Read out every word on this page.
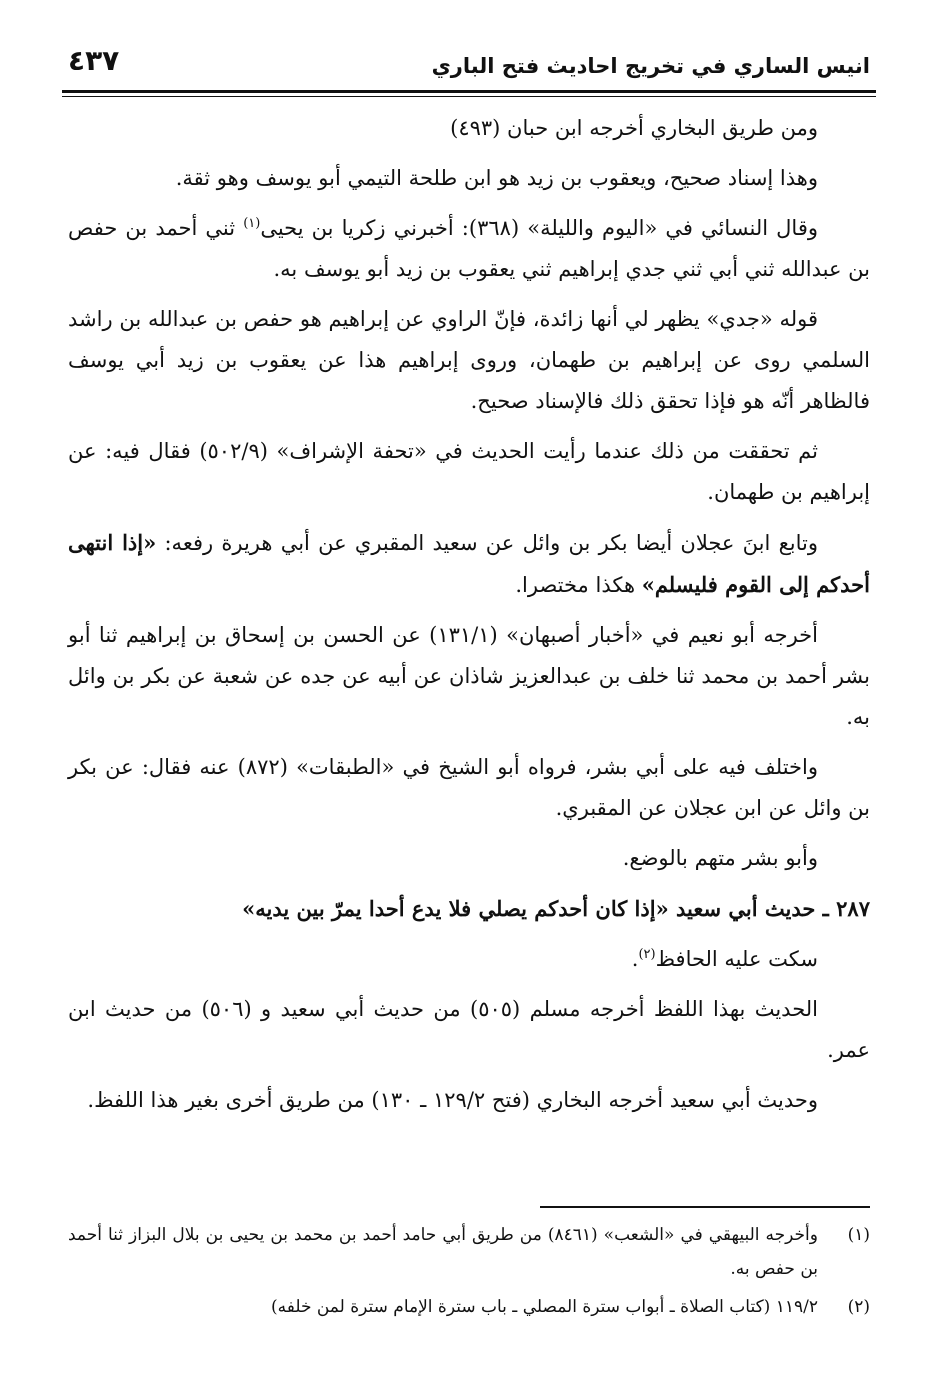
انيس الساري في تخريج احاديث فتح الباري
٤٣٧

ومن طريق البخاري أخرجه ابن حبان (٤٩٣)

وهذا إسناد صحيح، ويعقوب بن زيد هو ابن طلحة التيمي أبو يوسف وهو ثقة.

وقال النسائي في «اليوم والليلة» (٣٦٨): أخبرني زكريا بن يحيى$^{(١)}$ ثني أحمد بن حفص بن عبدالله ثني أبي ثني جدي إبراهيم ثني يعقوب بن زيد أبو يوسف به.

قوله «جدي» يظهر لي أنها زائدة، فإنّ الراوي عن إبراهيم هو حفص بن عبدالله بن راشد السلمي روى عن إبراهيم بن طهمان، وروى إبراهيم هذا عن يعقوب بن زيد أبي يوسف فالظاهر أنّه هو فإذا تحقق ذلك فالإسناد صحيح.

ثم تحققت من ذلك عندما رأيت الحديث في «تحفة الإشراف» (٥٠٢/٩) فقال فيه: عن إبراهيم بن طهمان.

وتابع ابنَ عجلان أيضا بكر بن وائل عن سعيد المقبري عن أبي هريرة رفعه: «إذا انتهى أحدكم إلى القوم فليسلم» هكذا مختصرا.

أخرجه أبو نعيم في «أخبار أصبهان» (١٣١/١) عن الحسن بن إسحاق بن إبراهيم ثنا أبو بشر أحمد بن محمد ثنا خلف بن عبدالعزيز شاذان عن أبيه عن جده عن شعبة عن بكر بن وائل به.

واختلف فيه على أبي بشر، فرواه أبو الشيخ في «الطبقات» (٨٧٢) عنه فقال: عن بكر بن وائل عن ابن عجلان عن المقبري.

وأبو بشر متهم بالوضع.

٢٨٧ ـ حديث أبي سعيد «إذا كان أحدكم يصلي فلا يدع أحدا يمرّ بين يديه»

سكت عليه الحافظ$^{(٢)}$.

الحديث بهذا اللفظ أخرجه مسلم (٥٠٥) من حديث أبي سعيد و (٥٠٦) من حديث ابن عمر.

وحديث أبي سعيد أخرجه البخاري (فتح ١٢٩/٢ ـ ١٣٠) من طريق أخرى بغير هذا اللفظ.

(١)
وأخرجه البيهقي في «الشعب» (٨٤٦١) من طريق أبي حامد أحمد بن محمد بن يحيى بن بلال البزاز ثنا أحمد بن حفص به.
(٢)
١١٩/٢ (كتاب الصلاة ـ أبواب سترة المصلي ـ باب سترة الإمام سترة لمن خلفه)
